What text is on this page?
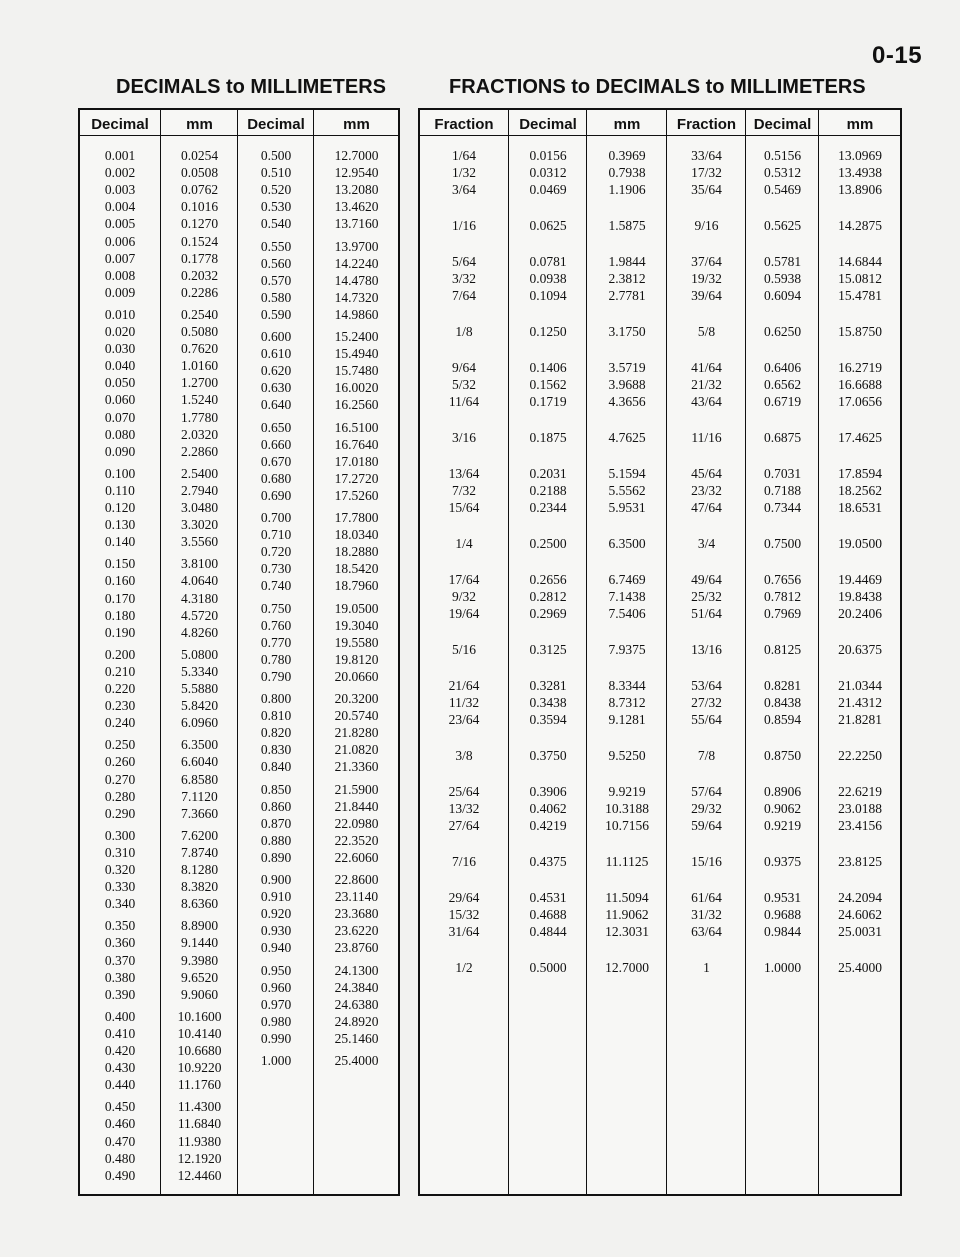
0-15
DECIMALS to MILLIMETERS	FRACTIONS to DECIMALS to MILLIMETERS
Decimal
0.001
0.002
0.003
0.004
0.005
0.006
0.007
0.008
0.009
0.010
0.020
0.030
0.040
0.050
0.060
0.070
0.080
0.090
0.100
0.110
0.120
0.130
0.140
0.150
0.160
0.170
0.180
0.190
0.200
0.210
0.220
0.230
0.240
0.250
0.260
0.270
0.280
0.290
0.300
0.310
0.320
0.330
0.340
0.350
0.360
0.370
0.380
0.390
0.400
0.410
0.420
0.430
0.440
0.450
0.460
0.470
0.480
0.490
mm
0.0254
0.0508
0.0762
0.1016
0.1270
0.1524
0.1778
0.2032
0.2286
0.2540
0.5080
0.7620
1.0160
1.2700
1.5240
1.7780
2.0320
2.2860
2.5400
2.7940
3.0480
3.3020
3.5560
3.8100
4.0640
4.3180
4.5720
4.8260
5.0800
5.3340
5.5880
5.8420
6.0960
6.3500
6.6040
6.8580
7.1120
7.3660
7.6200
7.8740
8.1280
8.3820
8.6360
8.8900
9.1440
9.3980
9.6520
9.9060
10.1600
10.4140
10.6680
10.9220
11.1760
11.4300
11.6840
11.9380
12.1920
12.4460
Decimal
0.500
0.510
0.520
0.530
0.540
0.550
0.560
0.570
0.580
0.590
0.600
0.610
0.620
0.630
0.640
0.650
0.660
0.670
0.680
0.690
0.700
0.710
0.720
0.730
0.740
0.750
0.760
0.770
0.780
0.790
0.800
0.810
0.820
0.830
0.840
0.850
0.860
0.870
0.880
0.890
0.900
0.910
0.920
0.930
0.940
0.950
0.960
0.970
0.980
0.990
1.000
mm
12.7000
12.9540
13.2080
13.4620
13.7160
13.9700
14.2240
14.4780
14.7320
14.9860
15.2400
15.4940
15.7480
16.0020
16.2560
16.5100
16.7640
17.0180
17.2720
17.5260
17.7800
18.0340
18.2880
18.5420
18.7960
19.0500
19.3040
19.5580
19.8120
20.0660
20.3200
20.5740
21.8280
21.0820
21.3360
21.5900
21.8440
22.0980
22.3520
22.6060
22.8600
23.1140
23.3680
23.6220
23.8760
24.1300
24.3840
24.6380
24.8920
25.1460
25.4000
Fraction
1/64
1/32
3/64
1/16
5/64
3/32
7/64
1/8
9/64
5/32
11/64
3/16
13/64
7/32
15/64
1/4
17/64
9/32
19/64
5/16
21/64
11/32
23/64
3/8
25/64
13/32
27/64
7/16
29/64
15/32
31/64
1/2
Decimal
0.0156
0.0312
0.0469
0.0625
0.0781
0.0938
0.1094
0.1250
0.1406
0.1562
0.1719
0.1875
0.2031
0.2188
0.2344
0.2500
0.2656
0.2812
0.2969
0.3125
0.3281
0.3438
0.3594
0.3750
0.3906
0.4062
0.4219
0.4375
0.4531
0.4688
0.4844
0.5000
mm
0.3969
0.7938
1.1906
1.5875
1.9844
2.3812
2.7781
3.1750
3.5719
3.9688
4.3656
4.7625
5.1594
5.5562
5.9531
6.3500
6.7469
7.1438
7.5406
7.9375
8.3344
8.7312
9.1281
9.5250
9.9219
10.3188
10.7156
11.1125
11.5094
11.9062
12.3031
12.7000
Fraction
33/64
17/32
35/64
9/16
37/64
19/32
39/64
5/8
41/64
21/32
43/64
11/16
45/64
23/32
47/64
3/4
49/64
25/32
51/64
13/16
53/64
27/32
55/64
7/8
57/64
29/32
59/64
15/16
61/64
31/32
63/64
1
Decimal
0.5156
0.5312
0.5469
0.5625
0.5781
0.5938
0.6094
0.6250
0.6406
0.6562
0.6719
0.6875
0.7031
0.7188
0.7344
0.7500
0.7656
0.7812
0.7969
0.8125
0.8281
0.8438
0.8594
0.8750
0.8906
0.9062
0.9219
0.9375
0.9531
0.9688
0.9844
1.0000
mm
13.0969
13.4938
13.8906
14.2875
14.6844
15.0812
15.4781
15.8750
16.2719
16.6688
17.0656
17.4625
17.8594
18.2562
18.6531
19.0500
19.4469
19.8438
20.2406
20.6375
21.0344
21.4312
21.8281
22.2250
22.6219
23.0188
23.4156
23.8125
24.2094
24.6062
25.0031
25.4000
